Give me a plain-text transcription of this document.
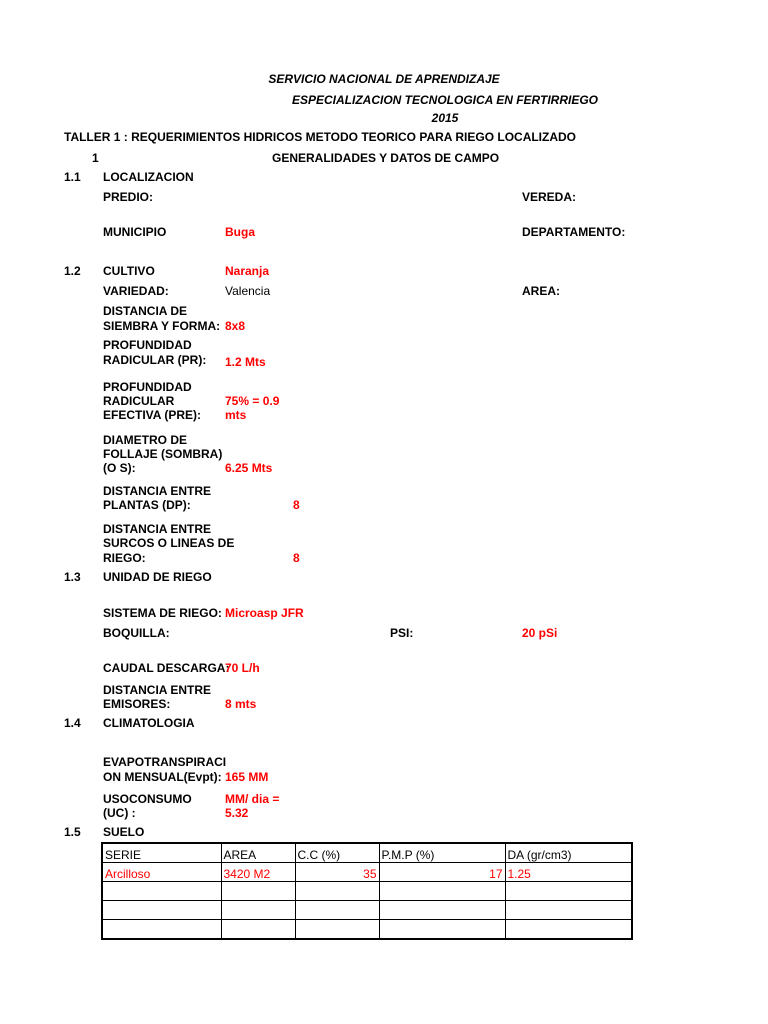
SERVICIO NACIONAL DE APRENDIZAJE
ESPECIALIZACION TECNOLOGICA EN FERTIRRIEGO
2015
TALLER 1 : REQUERIMIENTOS HIDRICOS METODO TEORICO PARA RIEGO LOCALIZADO
1	GENERALIDADES Y DATOS DE CAMPO
1.1 LOCALIZACION
PREDIO:	VEREDA:
MUNICIPIO	Buga	DEPARTAMENTO:
1.2 CULTIVO	Naranja
VARIEDAD:	Valencia	AREA:
DISTANCIA DE
SIEMBRA Y FORMA: 8x8
PROFUNDIDAD
RADICULAR (PR): 1.2 Mts
PROFUNDIDAD
RADICULAR
EFECTIVA (PRE):
75% = 0.9
mts
DIAMETRO DE
FOLLAJE (SOMBRA)
(O S):	6.25 Mts
DISTANCIA ENTRE
PLANTAS (DP):	8
DISTANCIA ENTRE
SURCOS O LINEAS DE
RIEGO:	8
1.3 UNIDAD DE RIEGO
SISTEMA DE RIEGO: Microasp JFR
BOQUILLA:	PSI:	20 pSi
CAUDAL DESCARGA:
70 L/h
DISTANCIA ENTRE
EMISORES:	8 mts
1.4 CLIMATOLOGIA
EVAPOTRANSPIRACI
ON MENSUAL(Evpt): 165 MM
USOCONSUMO
(UC) :
MM/ dia =
5.32
1.5 SUELO
SERIE	AREA	C.C (%)	P.M.P (%)	DA (gr/cm3)
Arcilloso	3420 M2	35	17	1.25
